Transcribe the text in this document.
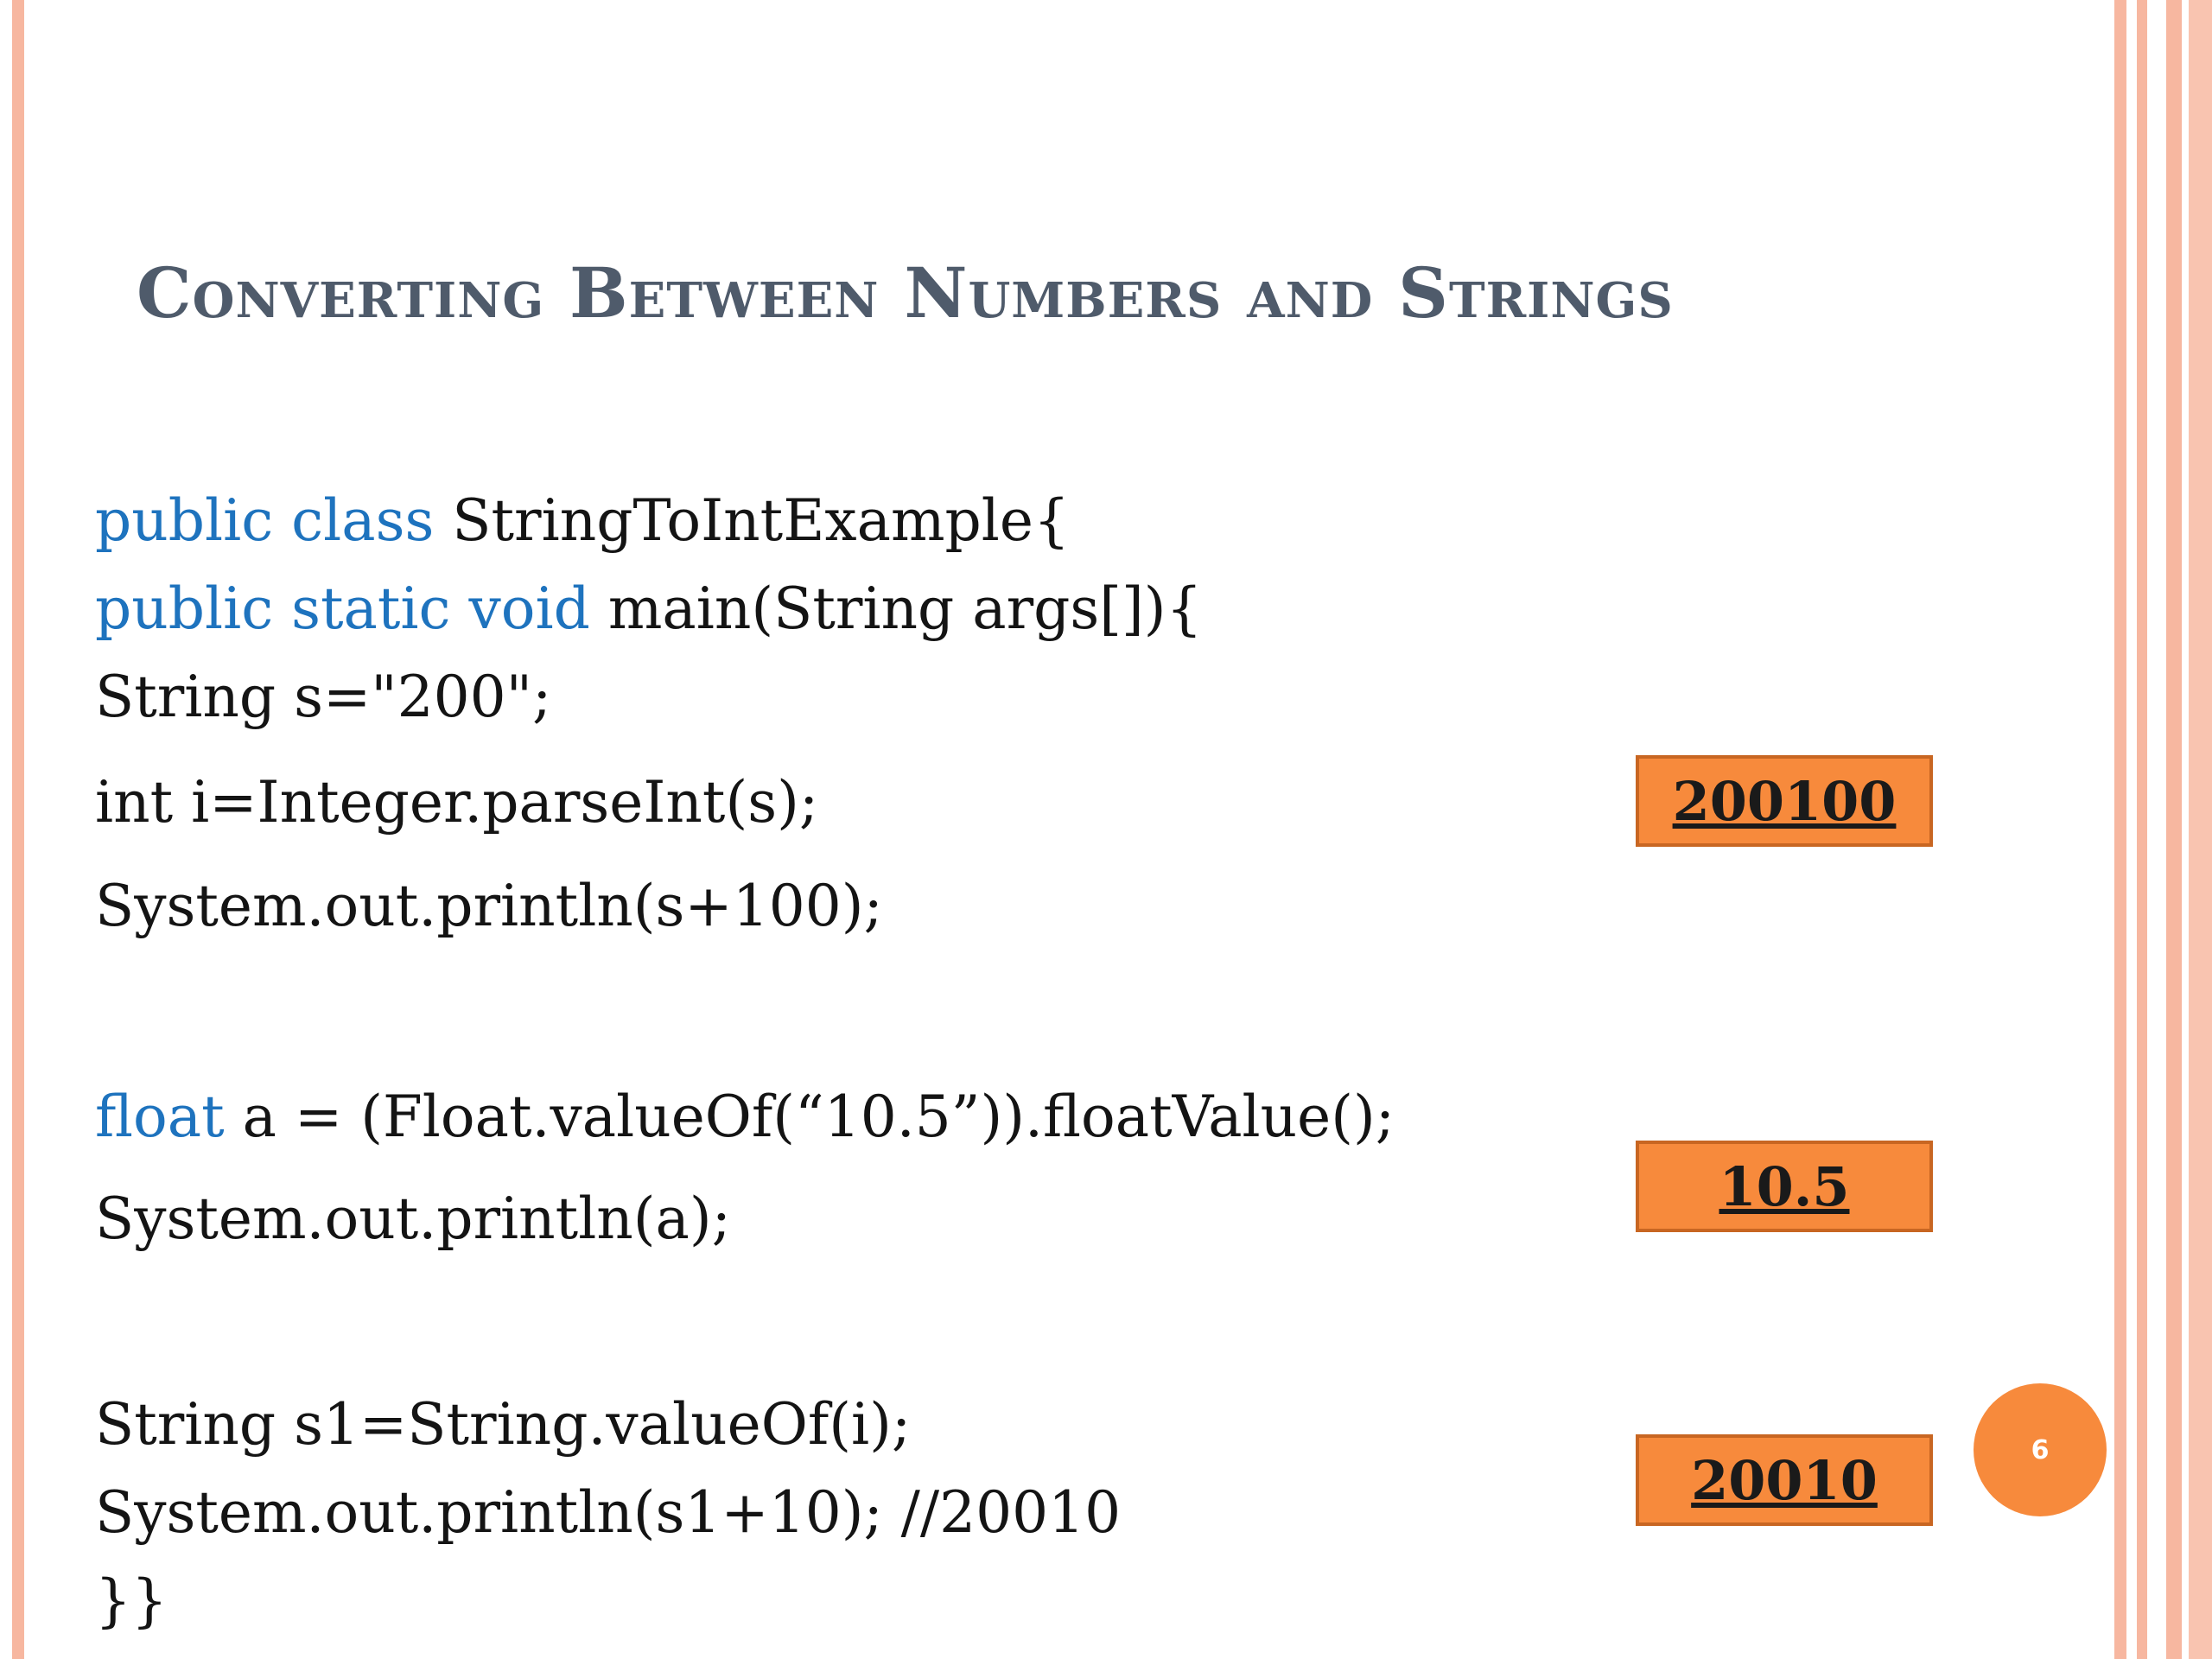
Converting Between Numbers and Strings
public class StringToIntExample{
public static void main(String args[]){
String s="200";
int i=Integer.parseInt(s);
System.out.println(s+100);
float a = (Float.valueOf(“10.5”)).floatValue();
System.out.println(a);
String s1=String.valueOf(i);
System.out.println(s1+10); //20010
}}
200100
10.5
20010	6
